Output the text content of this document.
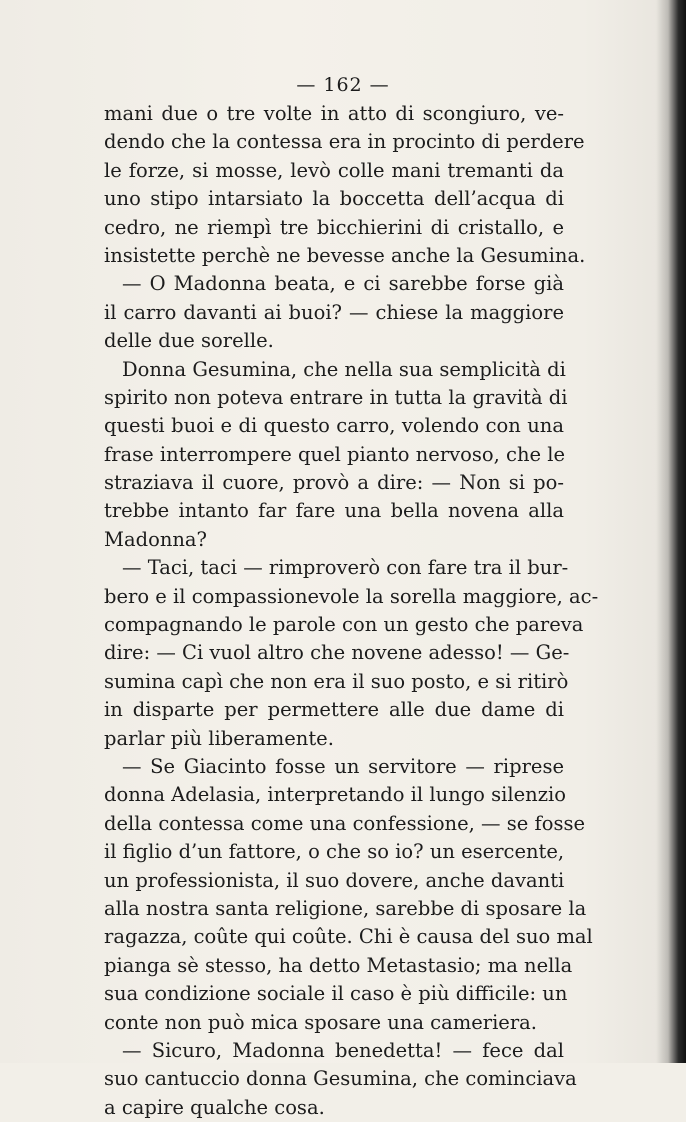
— 162 —
mani due o tre volte in atto di scongiuro, ve-
dendo che la contessa era in procinto di perdere
le forze, si mosse, levò colle mani tremanti da
uno stipo intarsiato la boccetta dell’acqua di
cedro, ne riempì tre bicchierini di cristallo, e
insistette perchè ne bevesse anche la Gesumina.
— O Madonna beata, e ci sarebbe forse già
il carro davanti ai buoi? — chiese la maggiore
delle due sorelle.
Donna Gesumina, che nella sua semplicità di
spirito non poteva entrare in tutta la gravità di
questi buoi e di questo carro, volendo con una
frase interrompere quel pianto nervoso, che le
straziava il cuore, provò a dire: — Non si po-
trebbe intanto far fare una bella novena alla
Madonna?
— Taci, taci — rimproverò con fare tra il bur-
bero e il compassionevole la sorella maggiore, ac-
compagnando le parole con un gesto che pareva
dire: — Ci vuol altro che novene adesso! — Ge-
sumina capì che non era il suo posto, e si ritirò
in disparte per permettere alle due dame di
parlar più liberamente.
— Se Giacinto fosse un servitore — riprese
donna Adelasia, interpretando il lungo silenzio
della contessa come una confessione, — se fosse
il figlio d’un fattore, o che so io? un esercente,
un professionista, il suo dovere, anche davanti
alla nostra santa religione, sarebbe di sposare la
ragazza, coûte qui coûte. Chi è causa del suo mal
pianga sè stesso, ha detto Metastasio; ma nella
sua condizione sociale il caso è più difficile: un
conte non può mica sposare una cameriera.
— Sicuro, Madonna benedetta! — fece dal
suo cantuccio donna Gesumina, che cominciava
a capire qualche cosa.
